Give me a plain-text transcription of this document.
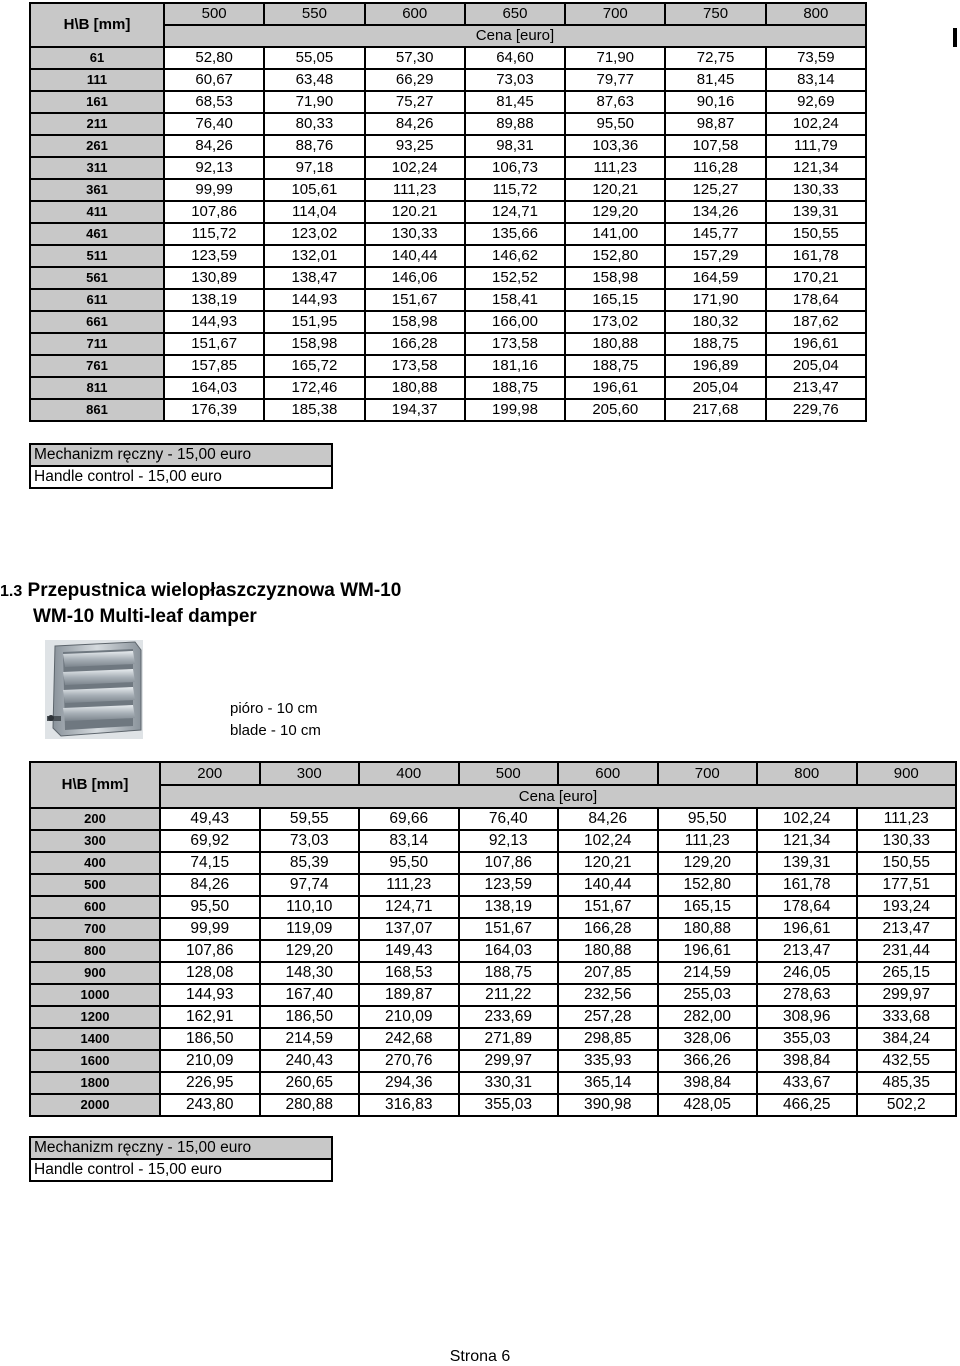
H\B [mm]	500	550	600	650	700	750	800
	Cena [euro]						
61	52,80	55,05	57,30	64,60	71,90	72,75	73,59
111	60,67	63,48	66,29	73,03	79,77	81,45	83,14
161	68,53	71,90	75,27	81,45	87,63	90,16	92,69
211	76,40	80,33	84,26	89,88	95,50	98,87	102,24
261	84,26	88,76	93,25	98,31	103,36	107,58	111,79
311	92,13	97,18	102,24	106,73	111,23	116,28	121,34
361	99,99	105,61	111,23	115,72	120,21	125,27	130,33
411	107,86	114,04	120.21	124,71	129,20	134,26	139,31
461	115,72	123,02	130,33	135,66	141,00	145,77	150,55
511	123,59	132,01	140,44	146,62	152,80	157,29	161,78
561	130,89	138,47	146,06	152,52	158,98	164,59	170,21
611	138,19	144,93	151,67	158,41	165,15	171,90	178,64
661	144,93	151,95	158,98	166,00	173,02	180,32	187,62
711	151,67	158,98	166,28	173,58	180,88	188,75	196,61
761	157,85	165,72	173,58	181,16	188,75	196,89	205,04
811	164,03	172,46	180,88	188,75	196,61	205,04	213,47
861	176,39	185,38	194,37	199,98	205,60	217,68	229,76
Mechanizm ręczny - 15,00 euro
Handle control - 15,00 euro
1.3 Przepustnica wielopłaszczyznowa WM-10
WM-10 Multi-leaf damper
pióro - 10 cm
blade - 10 cm
H\B [mm]	200	300	400	500	600	700	800	900
	Cena [euro]							
200	49,43	59,55	69,66	76,40	84,26	95,50	102,24	111,23
300	69,92	73,03	83,14	92,13	102,24	111,23	121,34	130,33
400	74,15	85,39	95,50	107,86	120,21	129,20	139,31	150,55
500	84,26	97,74	111,23	123,59	140,44	152,80	161,78	177,51
600	95,50	110,10	124,71	138,19	151,67	165,15	178,64	193,24
700	99,99	119,09	137,07	151,67	166,28	180,88	196,61	213,47
800	107,86	129,20	149,43	164,03	180,88	196,61	213,47	231,44
900	128,08	148,30	168,53	188,75	207,85	214,59	246,05	265,15
1000	144,93	167,40	189,87	211,22	232,56	255,03	278,63	299,97
1200	162,91	186,50	210,09	233,69	257,28	282,00	308,96	333,68
1400	186,50	214,59	242,68	271,89	298,85	328,06	355,03	384,24
1600	210,09	240,43	270,76	299,97	335,93	366,26	398,84	432,55
1800	226,95	260,65	294,36	330,31	365,14	398,84	433,67	485,35
2000	243,80	280,88	316,83	355,03	390,98	428,05	466,25	502,2
Mechanizm ręczny - 15,00 euro
Handle control - 15,00 euro
Strona 6
